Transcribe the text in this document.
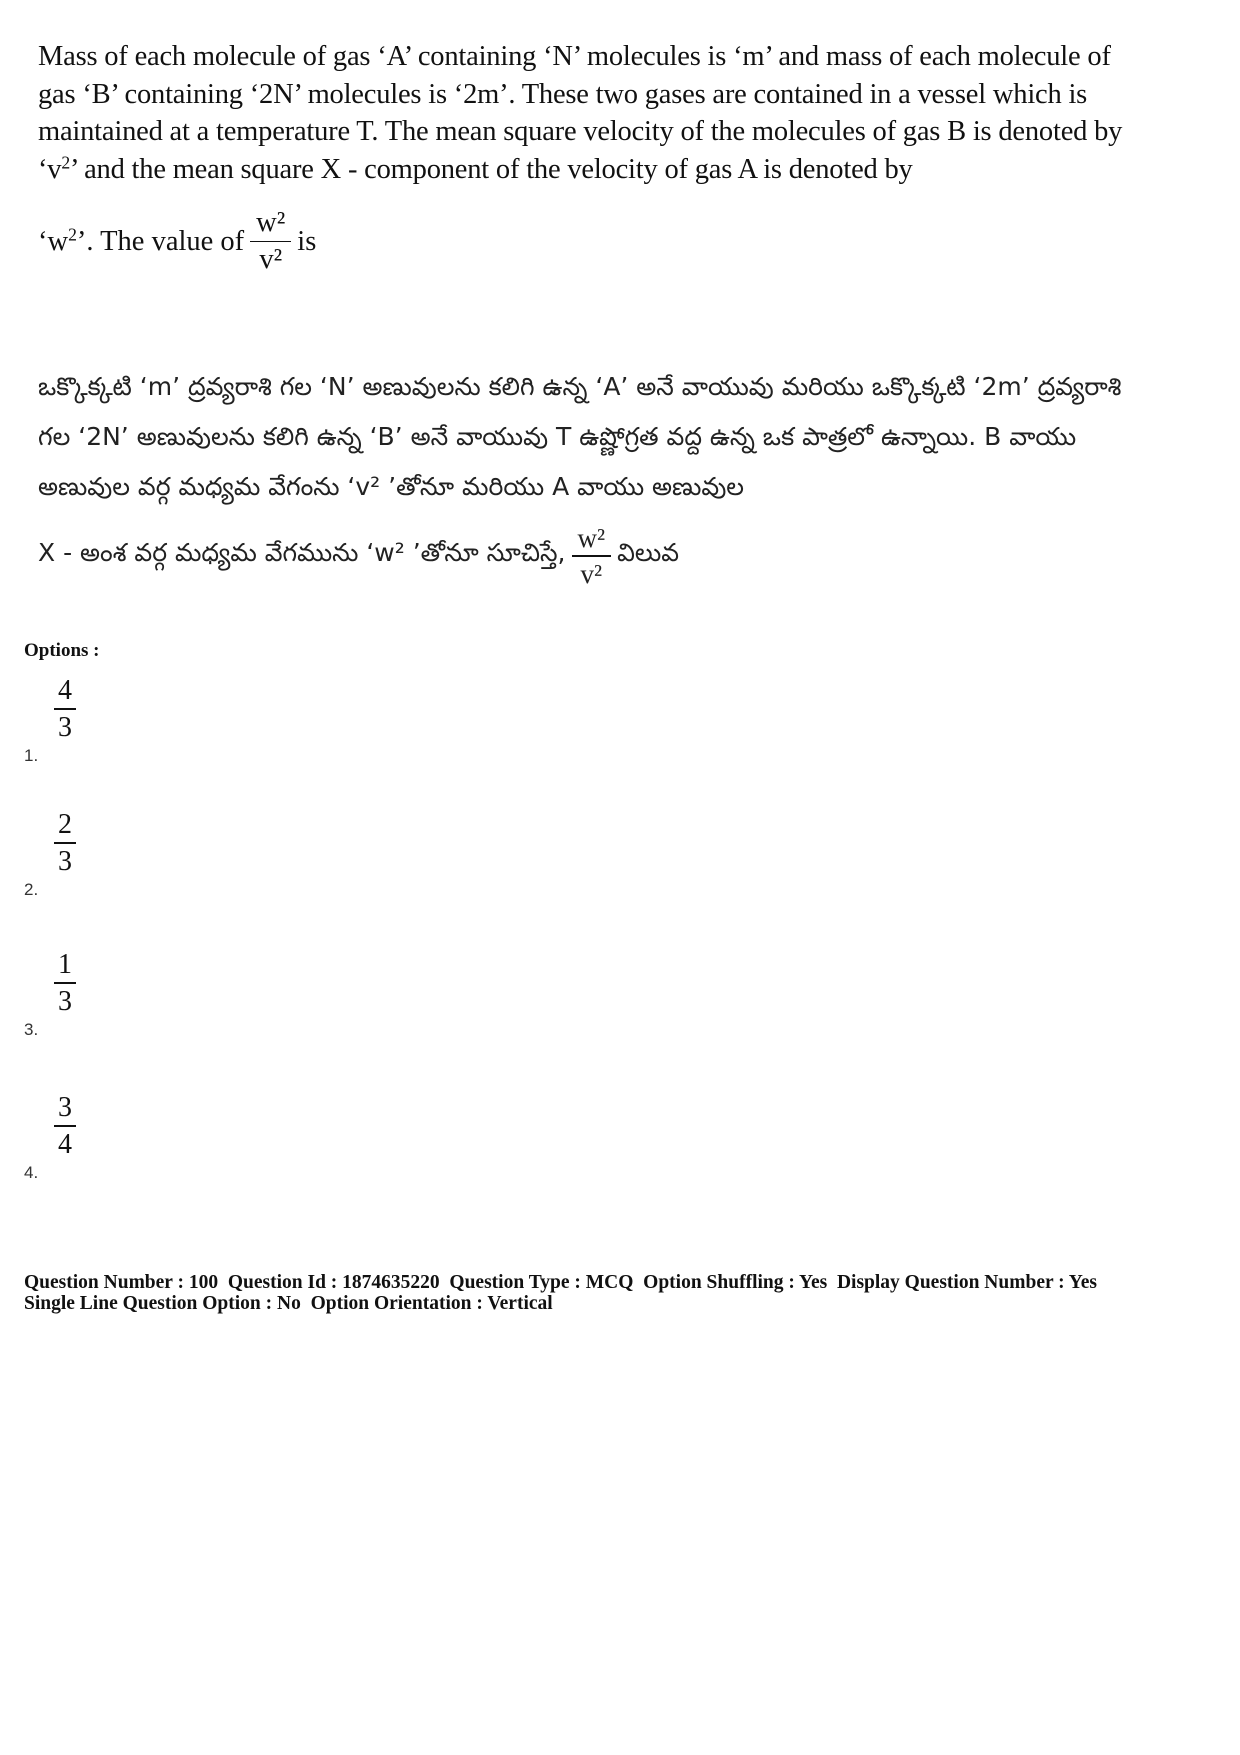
Mass of each molecule of gas ‘A’ containing ‘N’ molecules is ‘m’ and mass of each molecule of gas ‘B’ containing ‘2N’ molecules is ‘2m’. These two gases are contained in a vessel which is maintained at a temperature T. The mean square velocity of the molecules of gas B is denoted by ‘$v^2$’ and the mean square X - component of the velocity of gas A is denoted by
‘$w^2$’. The value of $\frac{\text{w²}}{\text{v²}}$ is
ఒక్కొక్కటి ‘m’ ద్రవ్యరాశి గల ‘N’ అణువులను కలిగి ఉన్న ‘A’ అనే వాయువు మరియు ఒక్కొక్కటి ‘2m’ ద్రవ్యరాశి గల ‘2N’ అణువులను కలిగి ఉన్న ‘B’ అనే వాయువు T ఉష్ణోగ్రత వద్ద ఉన్న ఒక పాత్రలో ఉన్నాయి. B వాయు అణువుల వర్గ మధ్యమ వేగంను ‘v² ’తోనూ మరియు A వాయు అణువుల
X - అంశ వర్గ మధ్యమ వేగమును ‘w² ’తోనూ సూచిస్తే, $\frac{\text{w²}}{\text{v²}}$ విలువ
Options :
4
3
1.
2
3
2.
1
3
3.
3
4
4.
Question Number : 100  Question Id : 1874635220  Question Type : MCQ  Option Shuffling : Yes  Display Question Number : Yes
Single Line Question Option : No  Option Orientation : Vertical
